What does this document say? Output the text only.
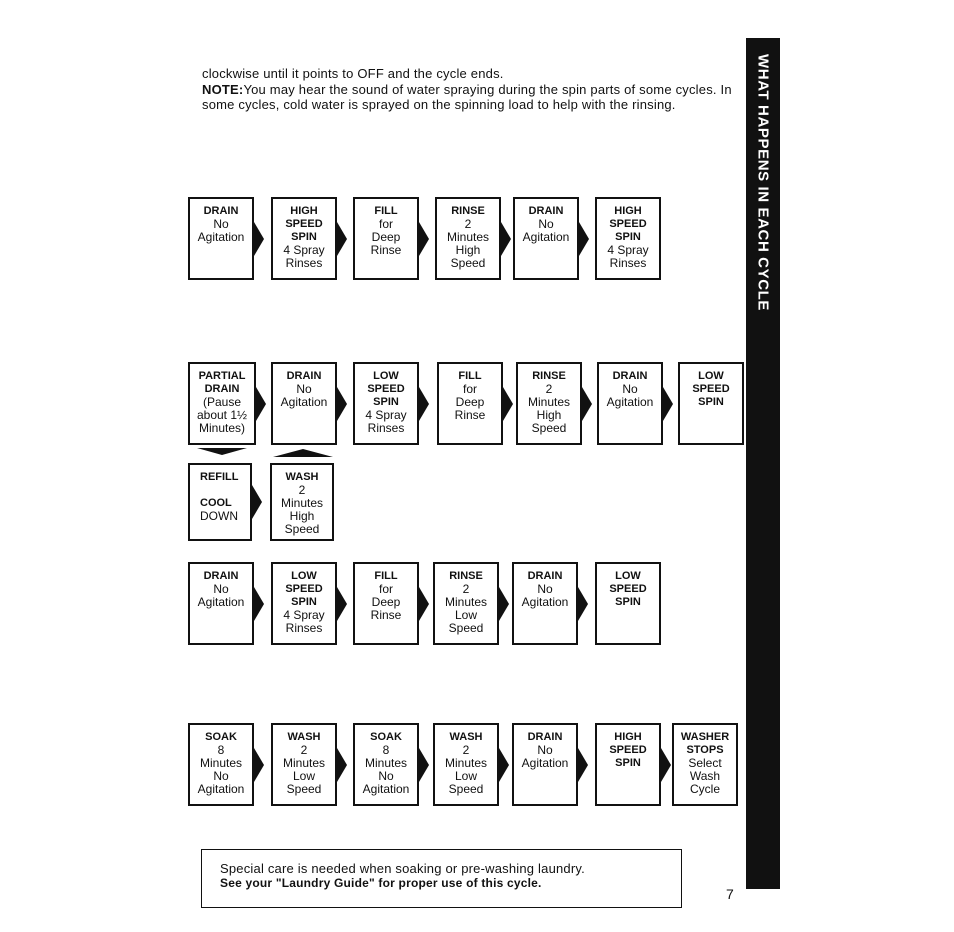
clockwise until it points to OFF and the cycle ends.

NOTE:You may hear the sound of water spraying during the spin parts of some cycles. In some cycles, cold water is sprayed on the spinning load to help with the rinsing.	WHAT HAPPENS IN EACH CYCLE
DRAIN
No
Agitation
HIGH
SPEED
SPIN
4 Spray
Rinses
FILL
for
Deep
Rinse
RINSE
2
Minutes
High
Speed
DRAIN
No
Agitation
HIGH
SPEED
SPIN
4 Spray
Rinses
PARTIAL
DRAIN
(Pause
about 1½
Minutes)
DRAIN
No
Agitation
LOW
SPEED
SPIN
4 Spray
Rinses
FILL
for
Deep
Rinse
RINSE
2
Minutes
High
Speed
DRAIN
No
Agitation
LOW
SPEED
SPIN
REFILL

COOL
DOWN
WASH
2
Minutes
High
Speed
DRAIN
No
Agitation
LOW
SPEED
SPIN
4 Spray
Rinses
FILL
for
Deep
Rinse
RINSE
2
Minutes
Low
Speed
DRAIN
No
Agitation
LOW
SPEED
SPIN
SOAK
8
Minutes
No
Agitation
WASH
2
Minutes
Low
Speed
SOAK
8
Minutes
No
Agitation
WASH
2
Minutes
Low
Speed
DRAIN
No
Agitation
HIGH
SPEED
SPIN
WASHER
STOPS
Select
Wash
Cycle
Special care is needed when soaking or pre-washing laundry.
See your "Laundry Guide" for proper use of this cycle.
7
